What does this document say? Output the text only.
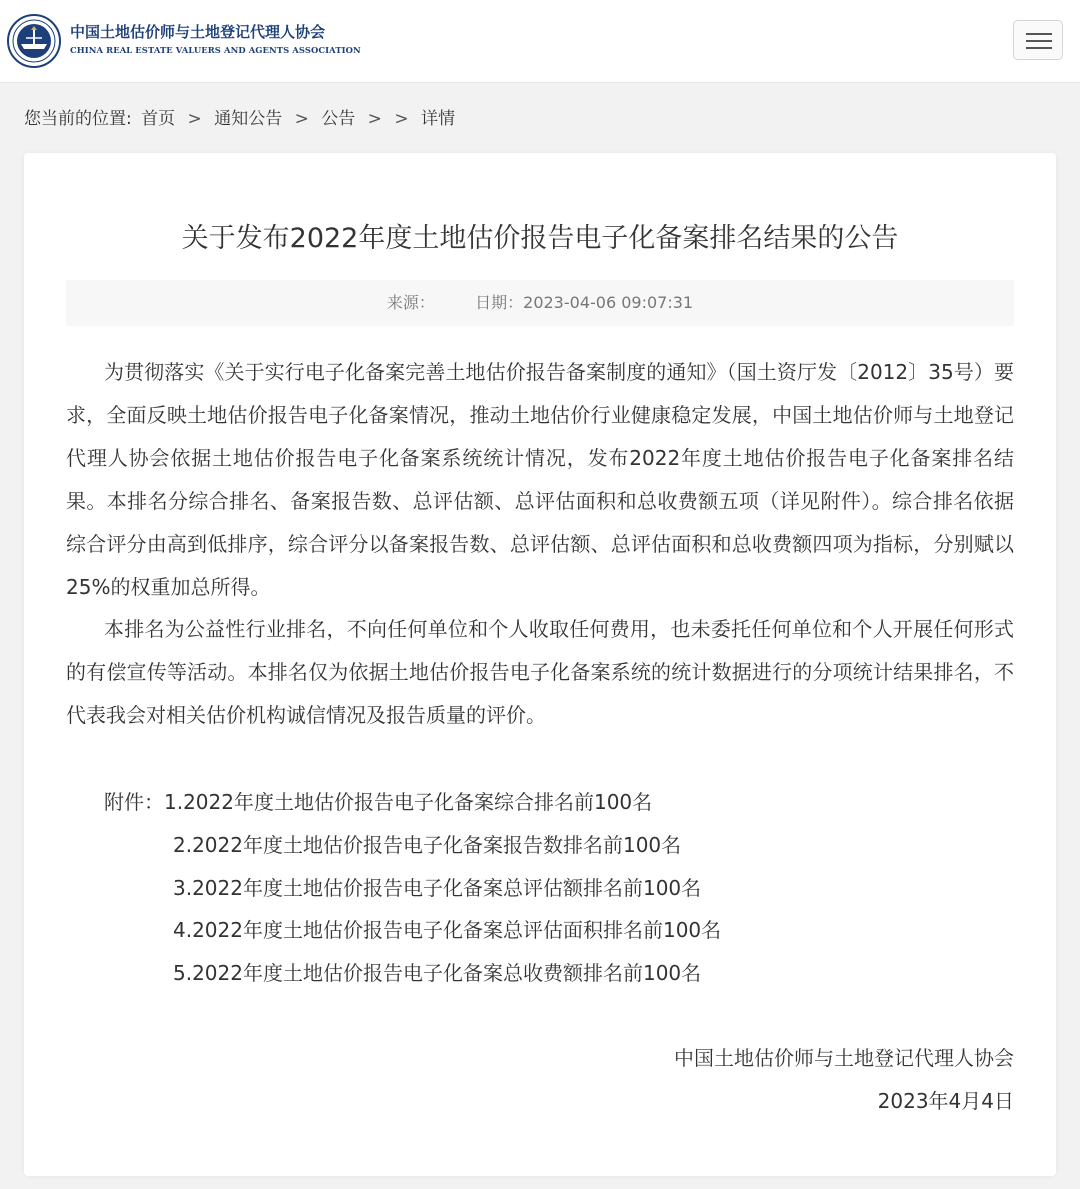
中国土地估价师与土地登记代理人协会
CHINA REAL ESTATE VALUERS AND AGENTS ASSOCIATION
您当前的位置: 首页 > 通知公告 > 公告 > > 详情
关于发布2022年度土地估价报告电子化备案排名结果的公告
来源：	日期：2023-04-06 09:07:31

为贯彻落实《关于实行电子化备案完善土地估价报告备案制度的通知》（国土资厅发〔2012〕35号）要求，全面反映土地估价报告电子化备案情况，推动土地估价行业健康稳定发展，中国土地估价师与土地登记代理人协会依据土地估价报告电子化备案系统统计情况，发布2022年度土地估价报告电子化备案排名结果。本排名分综合排名、备案报告数、总评估额、总评估面积和总收费额五项（详见附件）。综合排名依据综合评分由高到低排序，综合评分以备案报告数、总评估额、总评估面积和总收费额四项为指标，分别赋以25%的权重加总所得。

本排名为公益性行业排名，不向任何单位和个人收取任何费用，也未委托任何单位和个人开展任何形式的有偿宣传等活动。本排名仅为依据土地估价报告电子化备案系统的统计数据进行的分项统计结果排名，不代表我会对相关估价机构诚信情况及报告质量的评价。

附件：1.2022年度土地估价报告电子化备案综合排名前100名
2.2022年度土地估价报告电子化备案报告数排名前100名
3.2022年度土地估价报告电子化备案总评估额排名前100名
4.2022年度土地估价报告电子化备案总评估面积排名前100名
5.2022年度土地估价报告电子化备案总收费额排名前100名
中国土地估价师与土地登记代理人协会
2023年4月4日
